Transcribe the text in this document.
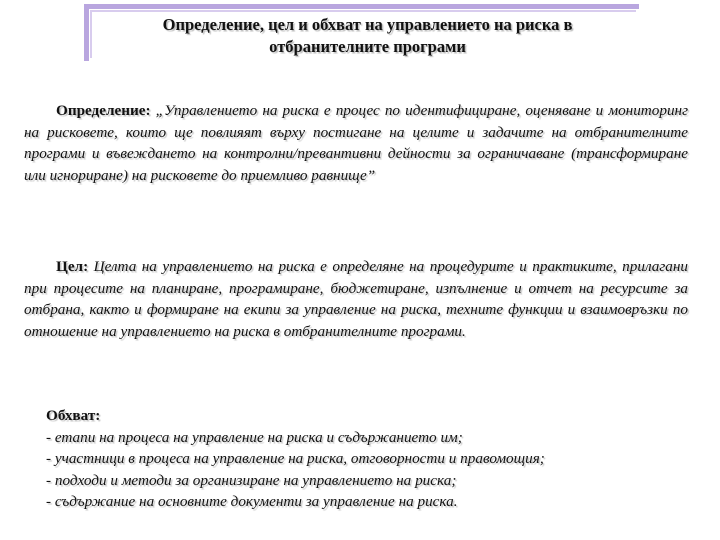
Определение, цел и обхват на управлението на риска в
отбранителните програми
Определение: „Управлението на риска е процес по идентифициране, оценяване и мониторинг на рисковете, които ще повлияят върху постигане на целите и задачите на отбранителните програми и въвеждането на контролни/превантивни дейности за ограничаване (трансформиране или игнориране) на рисковете до приемливо равнище”
Цел: Целта на управлението на риска е определяне на процедурите и практиките, прилагани при процесите на планиране, програмиране, бюджетиране, изпълнение и отчет на ресурсите за отбрана, както и формиране на екипи за управление на риска, техните функции и взаимовръзки по отношение на управлението на риска в отбранителните програми.
Обхват:
- етапи на процеса на управление на риска и съдържанието им;
- участници в процеса на управление на риска, отговорности и правомощия;
- подходи и методи за организиране на управлението на риска;
- съдържание на основните документи за управление на риска.
